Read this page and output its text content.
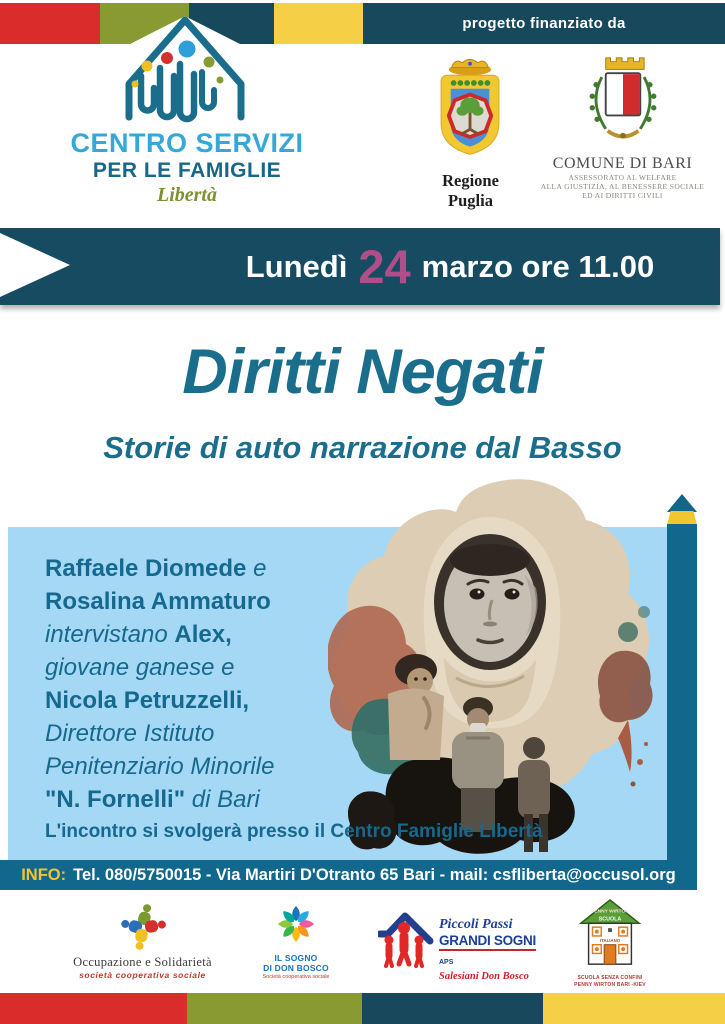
progetto finanziato da
CENTRO SERVIZI
PER LE FAMIGLIE
Libertà
Regione Puglia
COMUNE DI BARI
ASSESSORATO AL WELFARE
ALLA GIUSTIZIA, AL BENESSERE SOCIALE
ED AI DIRITTI CIVILI
Lunedì 24 marzo ore 11.00
Diritti Negati
Storie di auto narrazione dal Basso
Raffaele Diomede e
Rosalina Ammaturo
intervistano Alex,
giovane ganese e
Nicola Petruzzelli,
Direttore Istituto
Penitenziario Minorile
"N. Fornelli" di Bari
L'incontro si svolgerà presso il Centro Famiglie Libertà
INFO: Tel. 080/5750015 - Via Martiri D'Otranto 65 Bari - mail: csfliberta@occusol.org
Occupazione e Solidarietà
società cooperativa sociale
IL SOGNO
DI DON BOSCO
Società cooperativa sociale
Piccoli Passi
GRANDI SOGNIAPS
Salesiani Don Bosco
PENNY WIRTON
SCUOLA
ITALIANO
SCUOLA SENZA CONFINI
PENNY WIRTON BARI -KIEV
